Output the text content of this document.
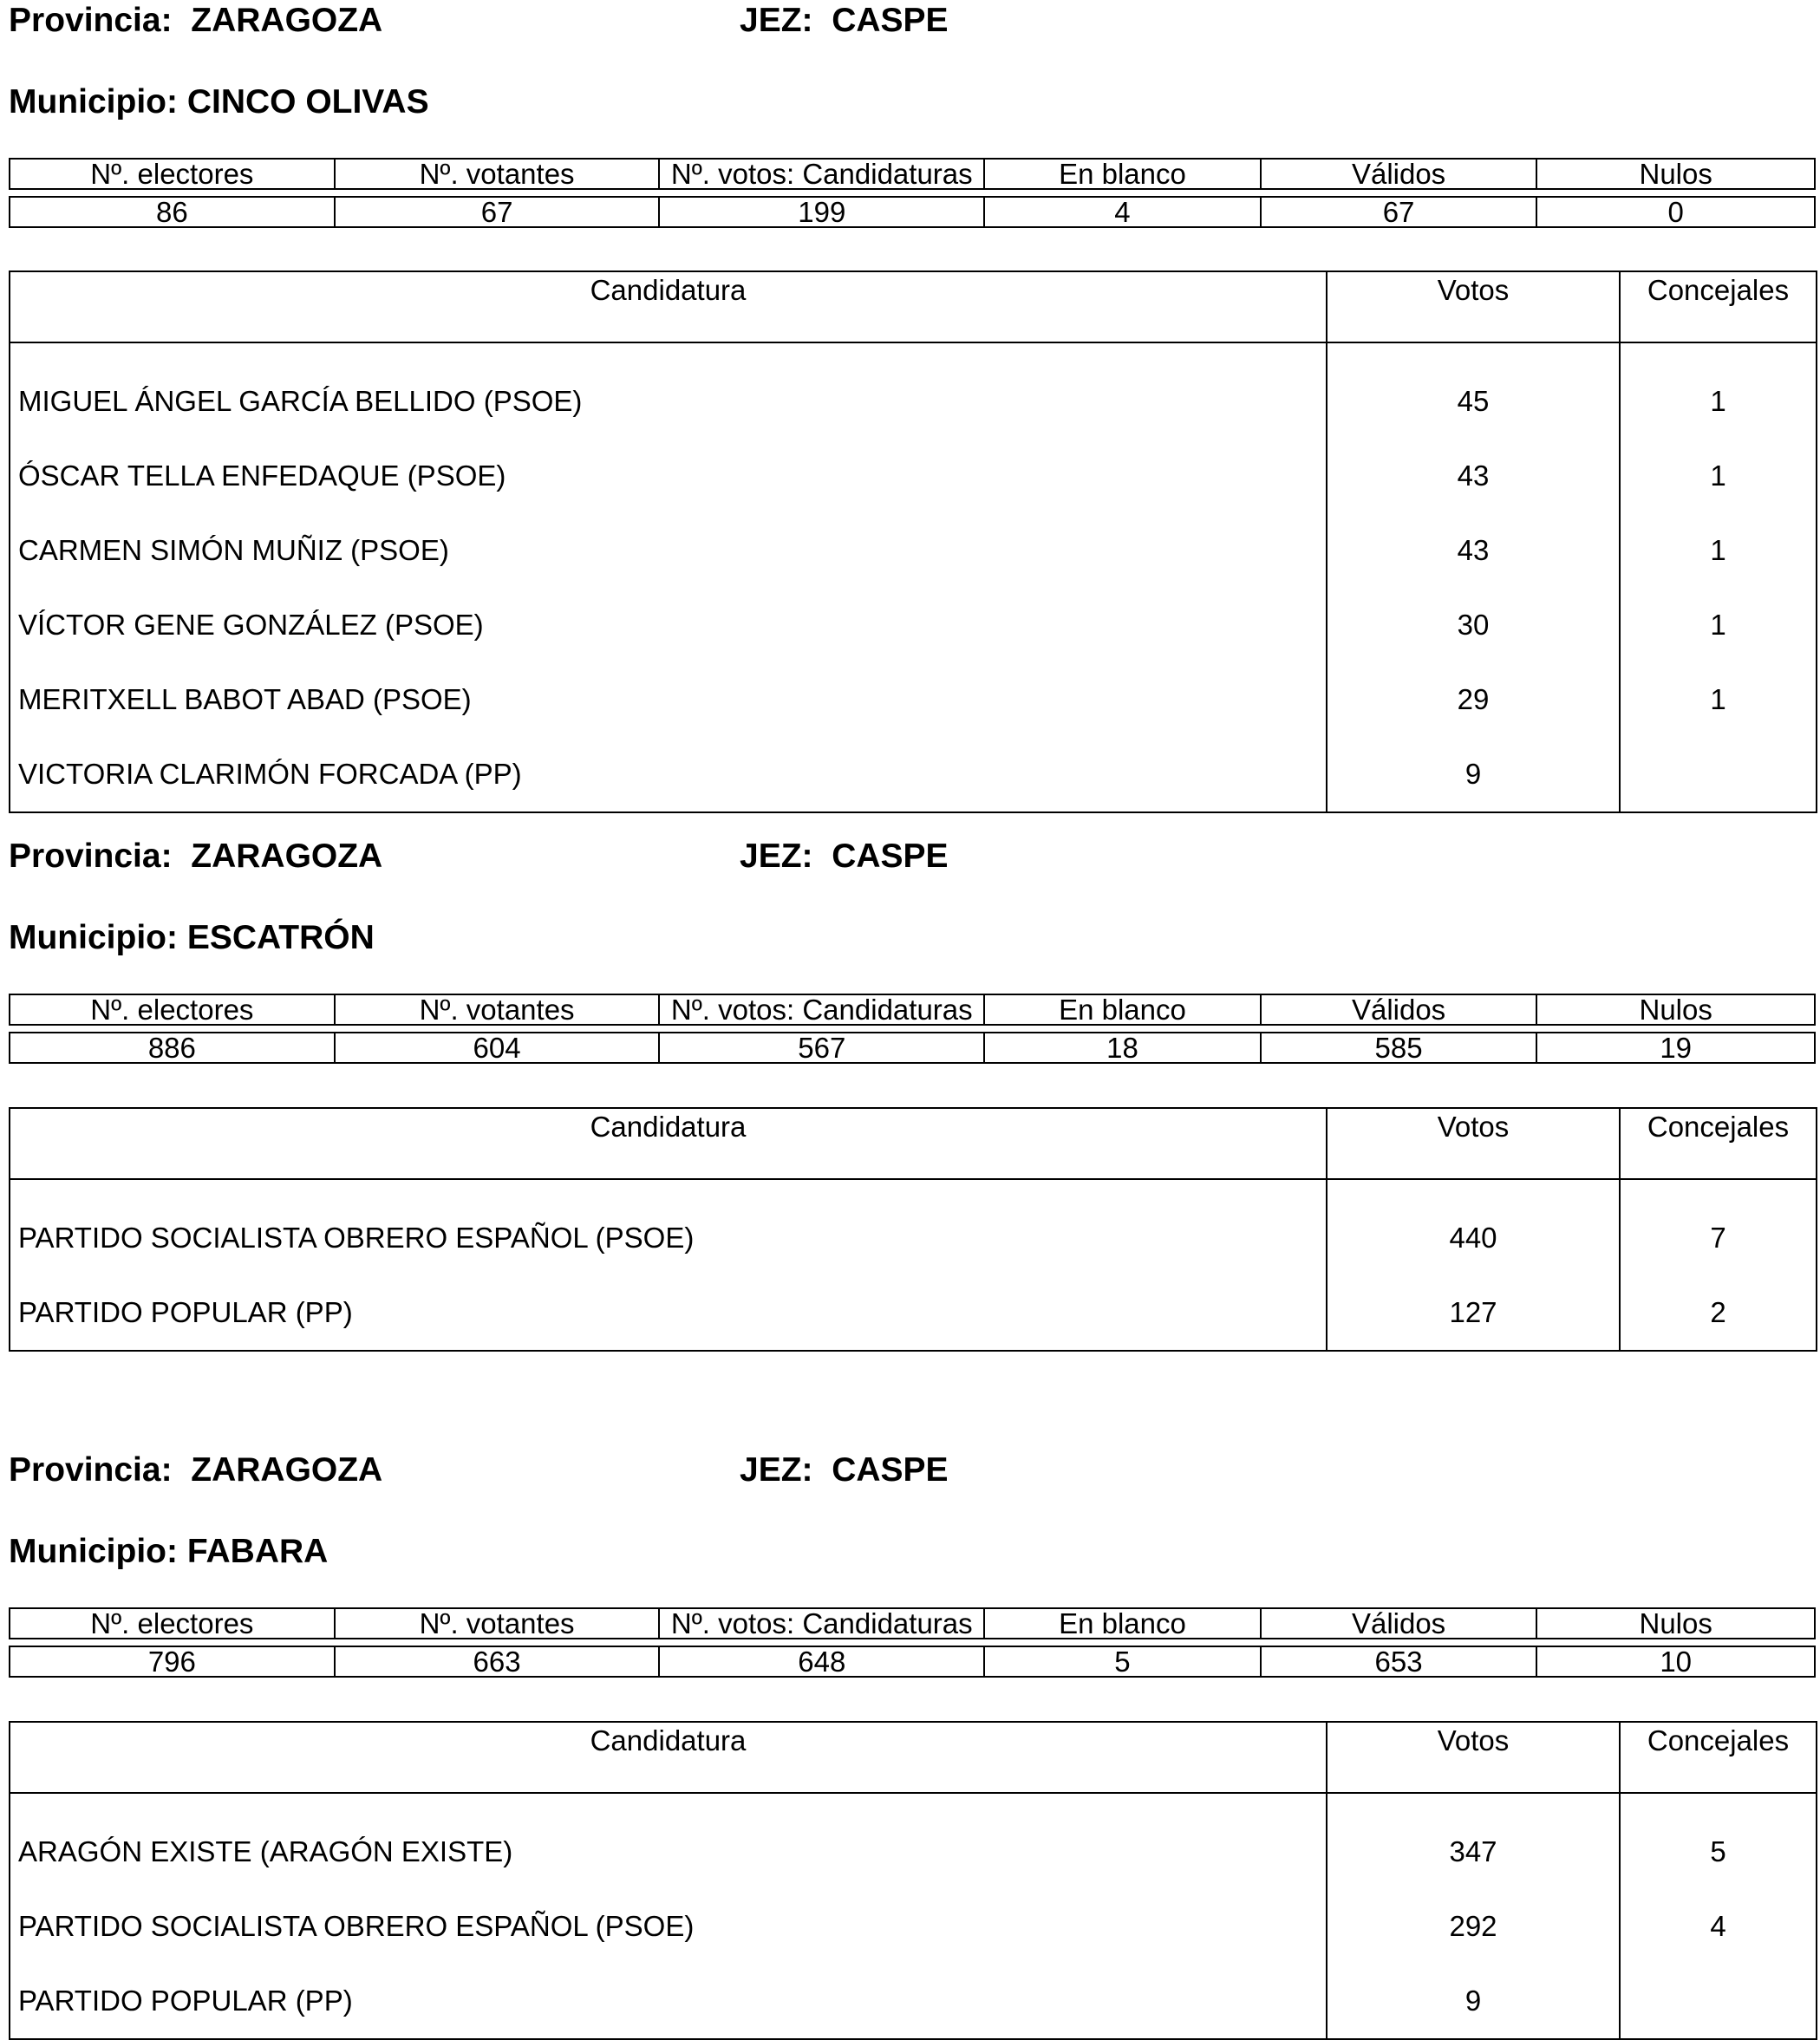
Provincia: ZARAGOZA	JEZ: CASPE
Municipio: CINCO OLIVAS
Nº. electores	Nº. votantes	Nº. votos: Candidaturas	En blanco	Válidos	Nulos
86	67	199	4	67	0
Candidatura	Votos	Concejales

MIGUEL ÁNGEL GARCÍA BELLIDO (PSOE)	45	1
ÓSCAR TELLA ENFEDAQUE (PSOE)	43	1
CARMEN SIMÓN MUÑIZ (PSOE)	43	1
VÍCTOR GENE GONZÁLEZ (PSOE)	30	1
MERITXELL BABOT ABAD (PSOE)	29	1
VICTORIA CLARIMÓN FORCADA (PP)	9	
Provincia: ZARAGOZA	JEZ: CASPE
Municipio: ESCATRÓN
Nº. electores	Nº. votantes	Nº. votos: Candidaturas	En blanco	Válidos	Nulos
886	604	567	18	585	19
Candidatura	Votos	Concejales

PARTIDO SOCIALISTA OBRERO ESPAÑOL (PSOE)	440	7
PARTIDO POPULAR (PP)	127	2
Provincia: ZARAGOZA	JEZ: CASPE
Municipio: FABARA
Nº. electores	Nº. votantes	Nº. votos: Candidaturas	En blanco	Válidos	Nulos
796	663	648	5	653	10
Candidatura	Votos	Concejales

ARAGÓN EXISTE (ARAGÓN EXISTE)	347	5
PARTIDO SOCIALISTA OBRERO ESPAÑOL (PSOE)	292	4
PARTIDO POPULAR (PP)	9	
